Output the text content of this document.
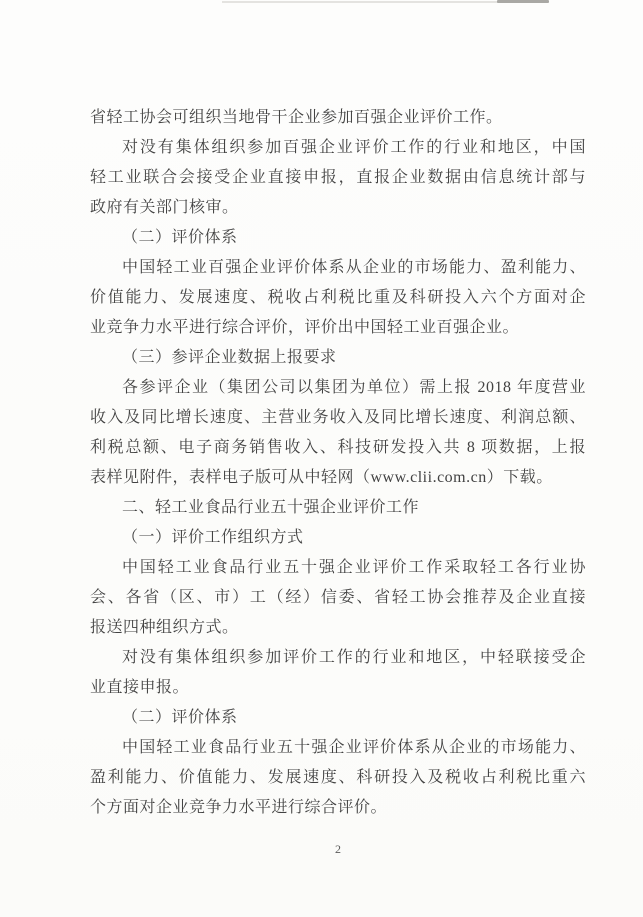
省轻工协会可组织当地骨干企业参加百强企业评价工作。
对没有集体组织参加百强企业评价工作的行业和地区，中国
轻工业联合会接受企业直接申报，直报企业数据由信息统计部与
政府有关部门核审。
（二）评价体系
中国轻工业百强企业评价体系从企业的市场能力、盈利能力、
价值能力、发展速度、税收占利税比重及科研投入六个方面对企
业竞争力水平进行综合评价，评价出中国轻工业百强企业。
（三）参评企业数据上报要求
各参评企业（集团公司以集团为单位）需上报 2018 年度营业
收入及同比增长速度、主营业务收入及同比增长速度、利润总额、
利税总额、电子商务销售收入、科技研发投入共 8 项数据，上报
表样见附件，表样电子版可从中轻网（www.clii.com.cn）下载。
二、轻工业食品行业五十强企业评价工作
（一）评价工作组织方式
中国轻工业食品行业五十强企业评价工作采取轻工各行业协
会、各省（区、市）工（经）信委、省轻工协会推荐及企业直接
报送四种组织方式。
对没有集体组织参加评价工作的行业和地区，中轻联接受企
业直接申报。
（二）评价体系
中国轻工业食品行业五十强企业评价体系从企业的市场能力、
盈利能力、价值能力、发展速度、科研投入及税收占利税比重六
个方面对企业竞争力水平进行综合评价。
2
